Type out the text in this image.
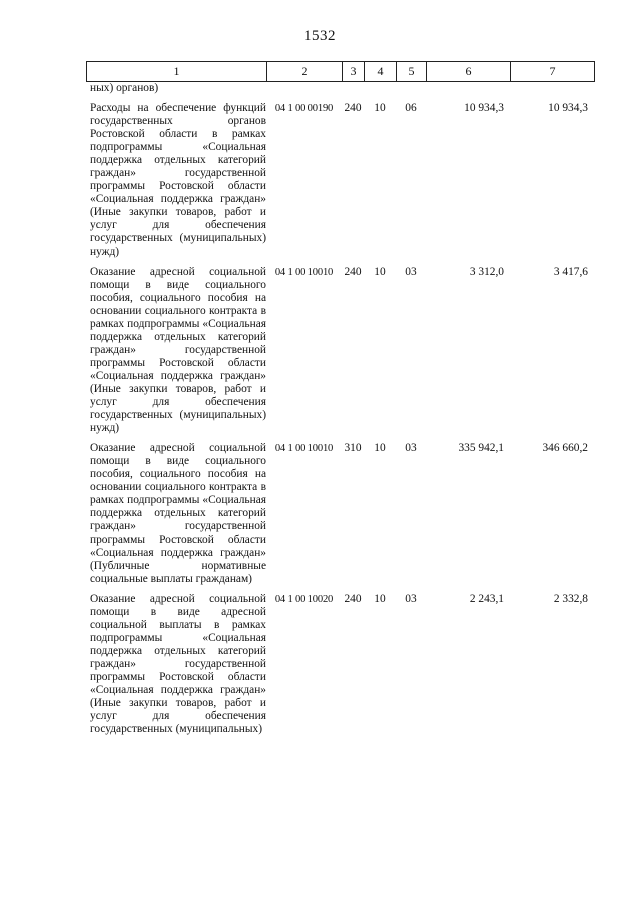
1532
1	2	3	4	5	6	7
ных) органов)						
Расходы на обеспечение функций государственных органов Ростовской области в рамках подпрограммы «Социальная поддержка отдельных категорий граждан» государственной программы Ростовской области «Социальная поддержка граждан» (Иные закупки товаров, работ и услуг для обеспечения государственных (муниципальных) нужд)	04 1 00 00190	240	10	06	10 934,3	10 934,3
Оказание адресной социальной помощи в виде социального пособия, социального пособия на основании социального контракта в рамках подпрограммы «Социальная поддержка отдельных категорий граждан» государственной программы Ростовской области «Социальная поддержка граждан» (Иные закупки товаров, работ и услуг для обеспечения государственных (муниципальных) нужд)	04 1 00 10010	240	10	03	3 312,0	3 417,6
Оказание адресной социальной помощи в виде социального пособия, социального пособия на основании социального контракта в рамках подпрограммы «Социальная поддержка отдельных категорий граждан» государственной программы Ростовской области «Социальная поддержка граждан» (Публичные нормативные социальные выплаты гражданам)	04 1 00 10010	310	10	03	335 942,1	346 660,2
Оказание адресной социальной помощи в виде адресной социальной выплаты в рамках подпрограммы «Социальная поддержка отдельных категорий граждан» государственной программы Ростовской области «Социальная поддержка граждан» (Иные закупки товаров, работ и услуг для обеспечения государственных (муниципальных)	04 1 00 10020	240	10	03	2 243,1	2 332,8
